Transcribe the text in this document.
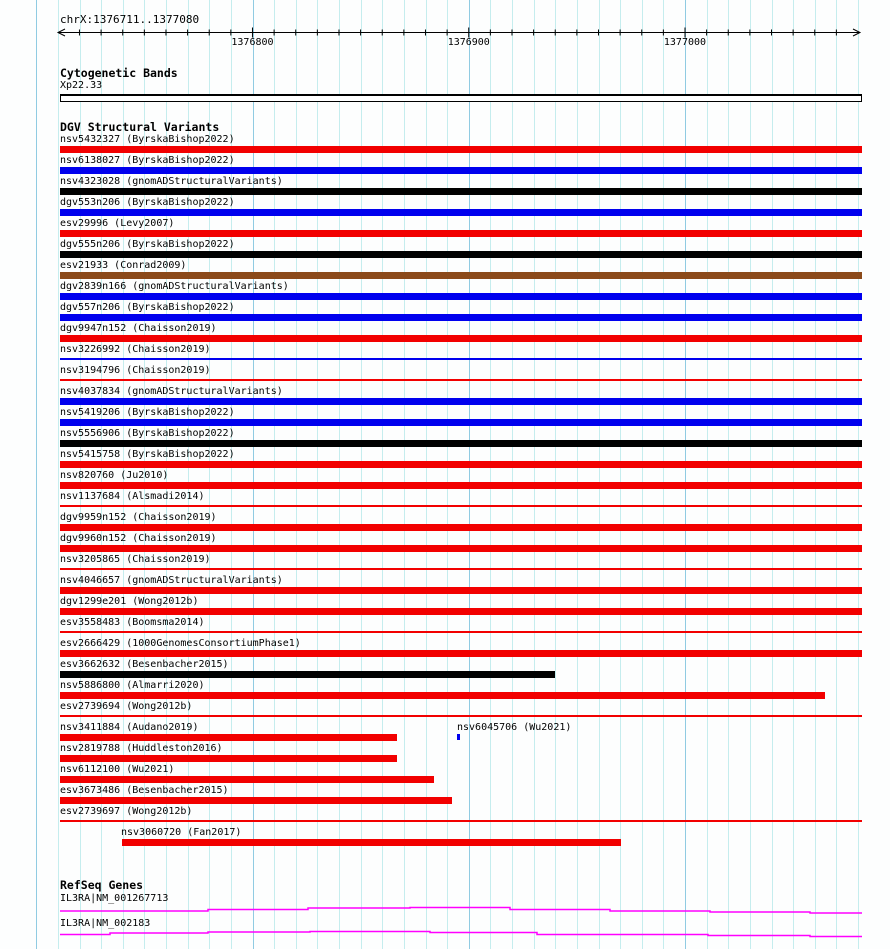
chrX:1376711..1377080
1376800	1376900	1377000
Cytogenetic Bands
Xp22.33
DGV Structural Variants
nsv5432327 (ByrskaBishop2022)
nsv6138027 (ByrskaBishop2022)
nsv4323028 (gnomADStructuralVariants)
dgv553n206 (ByrskaBishop2022)
esv29996 (Levy2007)
dgv555n206 (ByrskaBishop2022)
esv21933 (Conrad2009)
dgv2839n166 (gnomADStructuralVariants)
dgv557n206 (ByrskaBishop2022)
dgv9947n152 (Chaisson2019)
nsv3226992 (Chaisson2019)
nsv3194796 (Chaisson2019)
nsv4037834 (gnomADStructuralVariants)
nsv5419206 (ByrskaBishop2022)
nsv5556906 (ByrskaBishop2022)
nsv5415758 (ByrskaBishop2022)
nsv820760 (Ju2010)
nsv1137684 (Alsmadi2014)
dgv9959n152 (Chaisson2019)
dgv9960n152 (Chaisson2019)
nsv3205865 (Chaisson2019)
nsv4046657 (gnomADStructuralVariants)
dgv1299e201 (Wong2012b)
esv3558483 (Boomsma2014)
esv2666429 (1000GenomesConsortiumPhase1)
esv3662632 (Besenbacher2015)
nsv5886800 (Almarri2020)
esv2739694 (Wong2012b)
nsv3411884 (Audano2019)
nsv2819788 (Huddleston2016)
nsv6112100 (Wu2021)
esv3673486 (Besenbacher2015)
esv2739697 (Wong2012b)
nsv3060720 (Fan2017)
nsv6045706 (Wu2021)
RefSeq Genes
IL3RA|NM_001267713
IL3RA|NM_002183
